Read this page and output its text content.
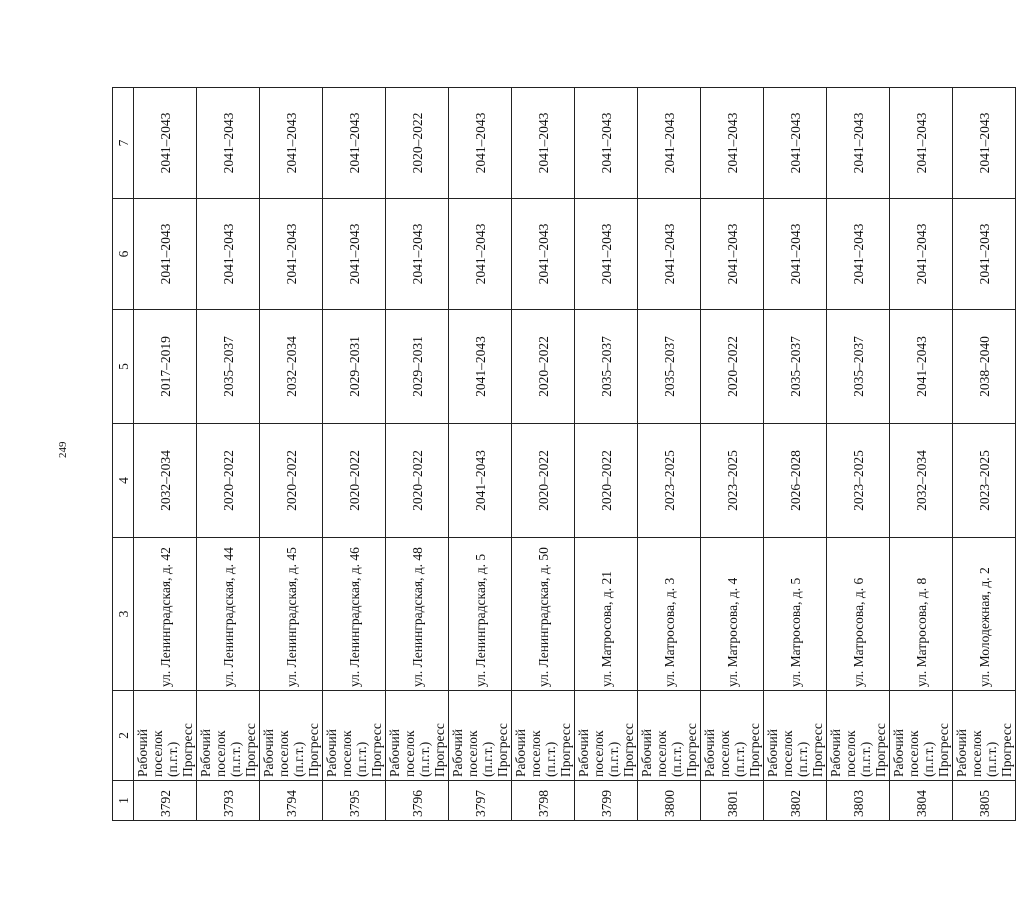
249
1	2	3	4	5	6	7
3792	Рабочий поселок (п.г.т.) Прогресс	ул. Ленинградская, д. 42	2032–2034	2017–2019	2041–2043	2041–2043
3793	Рабочий поселок (п.г.т.) Прогресс	ул. Ленинградская, д. 44	2020–2022	2035–2037	2041–2043	2041–2043
3794	Рабочий поселок (п.г.т.) Прогресс	ул. Ленинградская, д. 45	2020–2022	2032–2034	2041–2043	2041–2043
3795	Рабочий поселок (п.г.т.) Прогресс	ул. Ленинградская, д. 46	2020–2022	2029–2031	2041–2043	2041–2043
3796	Рабочий поселок (п.г.т.) Прогресс	ул. Ленинградская, д. 48	2020–2022	2029–2031	2041–2043	2020–2022
3797	Рабочий поселок (п.г.т.) Прогресс	ул. Ленинградская, д. 5	2041–2043	2041–2043	2041–2043	2041–2043
3798	Рабочий поселок (п.г.т.) Прогресс	ул. Ленинградская, д. 50	2020–2022	2020–2022	2041–2043	2041–2043
3799	Рабочий поселок (п.г.т.) Прогресс	ул. Матросова, д. 21	2020–2022	2035–2037	2041–2043	2041–2043
3800	Рабочий поселок (п.г.т.) Прогресс	ул. Матросова, д. 3	2023–2025	2035–2037	2041–2043	2041–2043
3801	Рабочий поселок (п.г.т.) Прогресс	ул. Матросова, д. 4	2023–2025	2020–2022	2041–2043	2041–2043
3802	Рабочий поселок (п.г.т.) Прогресс	ул. Матросова, д. 5	2026–2028	2035–2037	2041–2043	2041–2043
3803	Рабочий поселок (п.г.т.) Прогресс	ул. Матросова, д. 6	2023–2025	2035–2037	2041–2043	2041–2043
3804	Рабочий поселок (п.г.т.) Прогресс	ул. Матросова, д. 8	2032–2034	2041–2043	2041–2043	2041–2043
3805	Рабочий поселок (п.г.т.) Прогресс	ул. Молодежная, д. 2	2023–2025	2038–2040	2041–2043	2041–2043
